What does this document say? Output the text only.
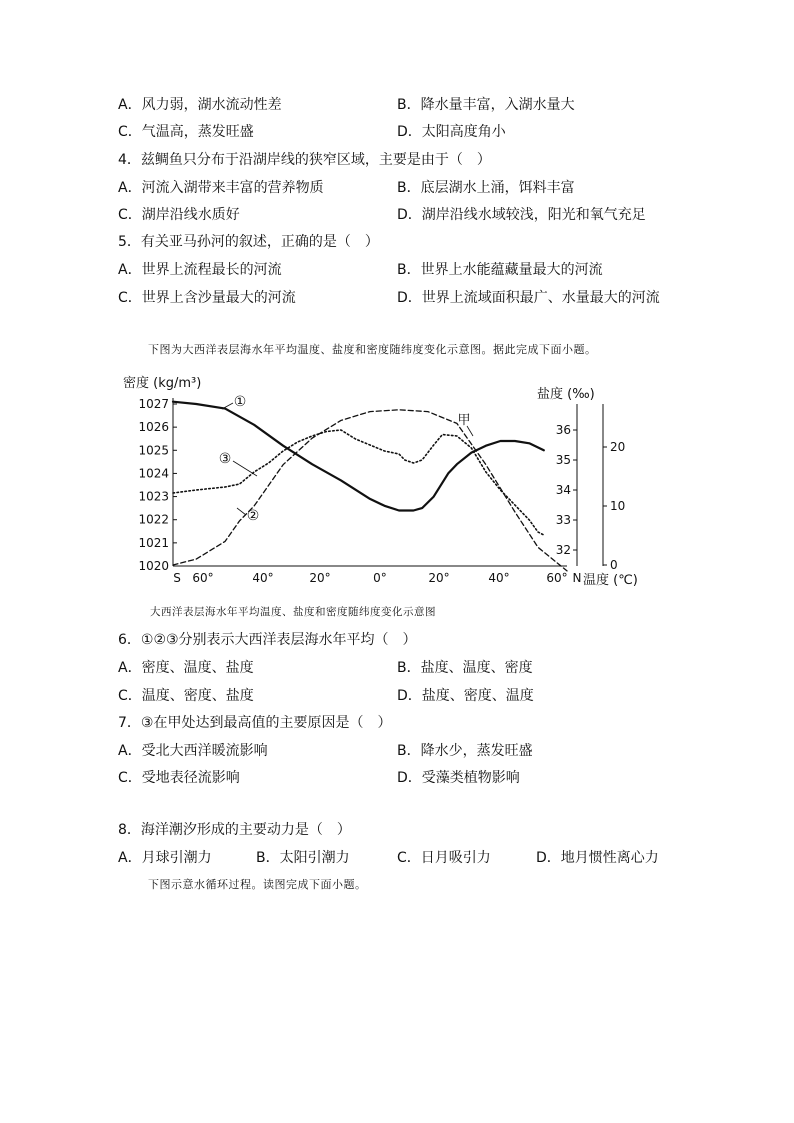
A．风力弱，湖水流动性差	B．降水量丰富，入湖水量大
C．气温高，蒸发旺盛	D．太阳高度角小
4．兹鲷鱼只分布于沿湖岸线的狭窄区域，主要是由于（　）
A．河流入湖带来丰富的营养物质	B．底层湖水上涌，饵料丰富
C．湖岸沿线水质好	D．湖岸沿线水域较浅，阳光和氧气充足
5．有关亚马孙河的叙述，正确的是（　）
A．世界上流程最长的河流	B．世界上水能蕴藏量最大的河流
C．世界上含沙量最大的河流	D．世界上流域面积最广、水量最大的河流
下图为大西洋表层海水年平均温度、盐度和密度随纬度变化示意图。据此完成下面小题。
1027
1026
1025
1024
1023
1022
1021
1020
密度 (kg/m³)
36
35
34
33
32
盐度 (‰)
20
10
0
温度 (℃)
S 60°	40°	20°	0°	20°	40°	60° N
①
③
②
甲
大西洋表层海水年平均温度、盐度和密度随纬度变化示意图
6．①②③分别表示大西洋表层海水年平均（　）
A．密度、温度、盐度	B．盐度、温度、密度
C．温度、密度、盐度	D．盐度、密度、温度
7．③在甲处达到最高值的主要原因是（　）
A．受北大西洋暖流影响	B．降水少，蒸发旺盛
C．受地表径流影响	D．受藻类植物影响
8．海洋潮汐形成的主要动力是（　）
A．月球引潮力	B．太阳引潮力	C．日月吸引力	D．地月惯性离心力
下图示意水循环过程。读图完成下面小题。
